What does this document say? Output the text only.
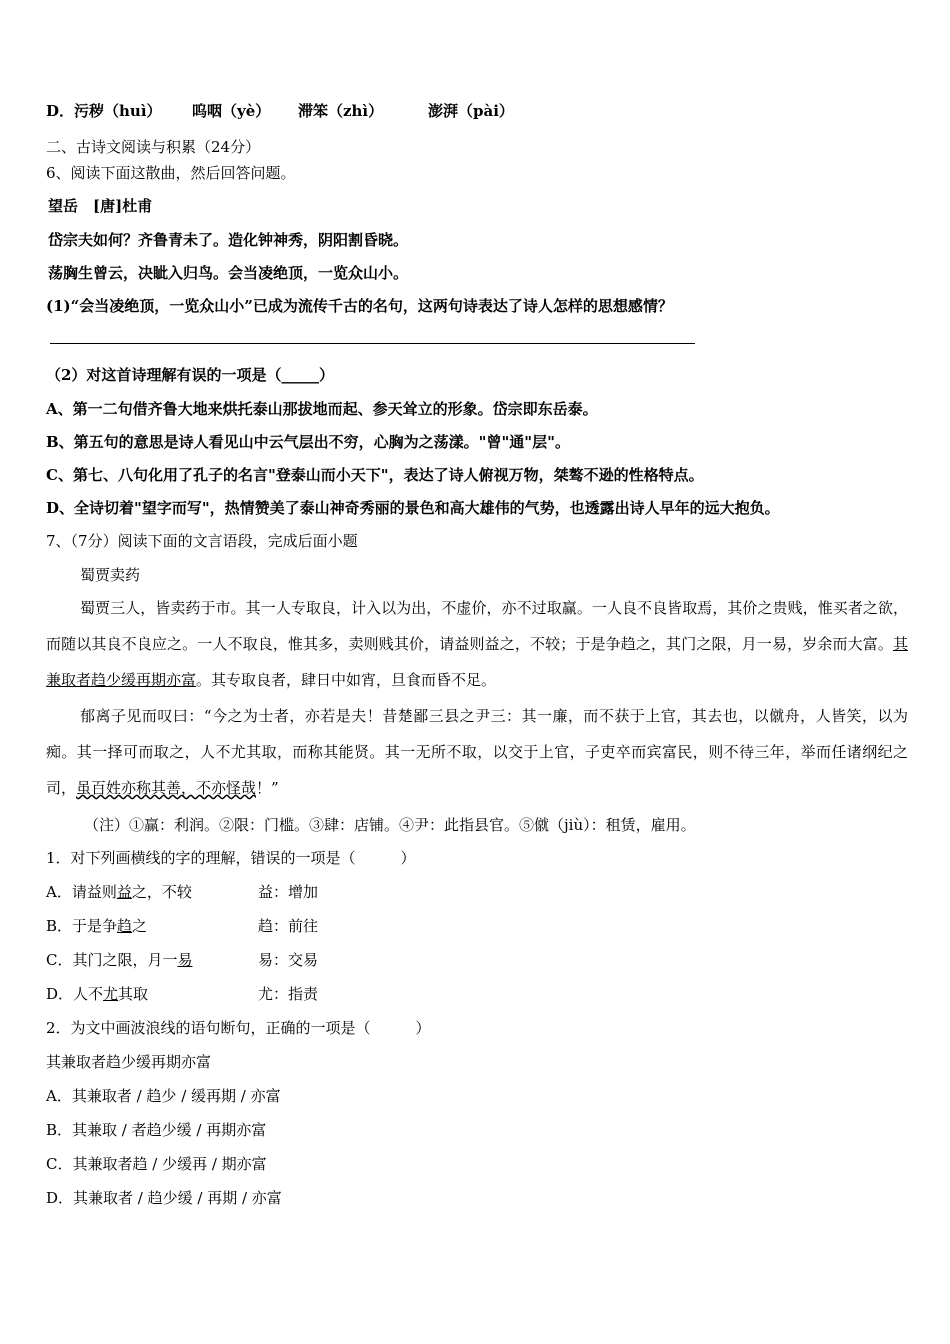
D．污秽（huì） 呜咽（yè） 滞笨（zhì）	澎湃（pài）
二、古诗文阅读与积累（24分）
6、阅读下面这散曲，然后回答问题。
望岳　[唐]杜甫
岱宗夫如何？齐鲁青未了。造化钟神秀，阴阳割昏晓。
荡胸生曾云，决眦入归鸟。会当凌绝顶，一览众山小。
(1)“会当凌绝顶，一览众山小”已成为流传千古的名句，这两句诗表达了诗人怎样的思想感情？
（2）对这首诗理解有误的一项是（_____）
A、第一二句借齐鲁大地来烘托泰山那拔地而起、参天耸立的形象。岱宗即东岳泰。
B、第五句的意思是诗人看见山中云气层出不穷，心胸为之荡漾。"曾"通"层"。
C、第七、八句化用了孔子的名言"登泰山而小天下"，表达了诗人俯视万物，桀骜不逊的性格特点。
D、全诗切着"望字而写"，热情赞美了泰山神奇秀丽的景色和高大雄伟的气势，也透露出诗人早年的远大抱负。
7、（7分）阅读下面的文言语段，完成后面小题
蜀贾卖药
蜀贾三人，皆卖药于市。其一人专取良，计入以为出，不虚价，亦不过取赢。一人良不良皆取焉，其价之贵贱，惟买者之欲，而随以其良不良应之。一人不取良，惟其多，卖则贱其价，请益则益之，不较；于是争趋之，其门之限，月一易，岁余而大富。其兼取者趋少缓再期亦富。其专取良者，肆日中如宵，旦食而昏不足。
郁离子见而叹曰：“今之为士者，亦若是夫！昔楚鄙三县之尹三：其一廉，而不获于上官，其去也，以僦舟，人皆笑，以为痴。其一择可而取之，人不尤其取，而称其能贤。其一无所不取，以交于上官，子吏卒而宾富民，则不待三年，举而任诸纲纪之司，虽百姓亦称其善，不亦怪哉！”
（注）①赢：利润。②限：门槛。③肆：店铺。④尹：此指县官。⑤僦（jiù）：租赁，雇用。
1．对下列画横线的字的理解，错误的一项是（　　　）
A．请益则益之，不较	益：增加
B．于是争趋之	趋：前往
C．其门之限，月一易	易：交易
D．人不尤其取	尤：指责
2．为文中画波浪线的语句断句，正确的一项是（　　　）
其兼取者趋少缓再期亦富
A．其兼取者 / 趋少 / 缓再期 / 亦富
B．其兼取 / 者趋少缓 / 再期亦富
C．其兼取者趋 / 少缓再 / 期亦富
D．其兼取者 / 趋少缓 / 再期 / 亦富
